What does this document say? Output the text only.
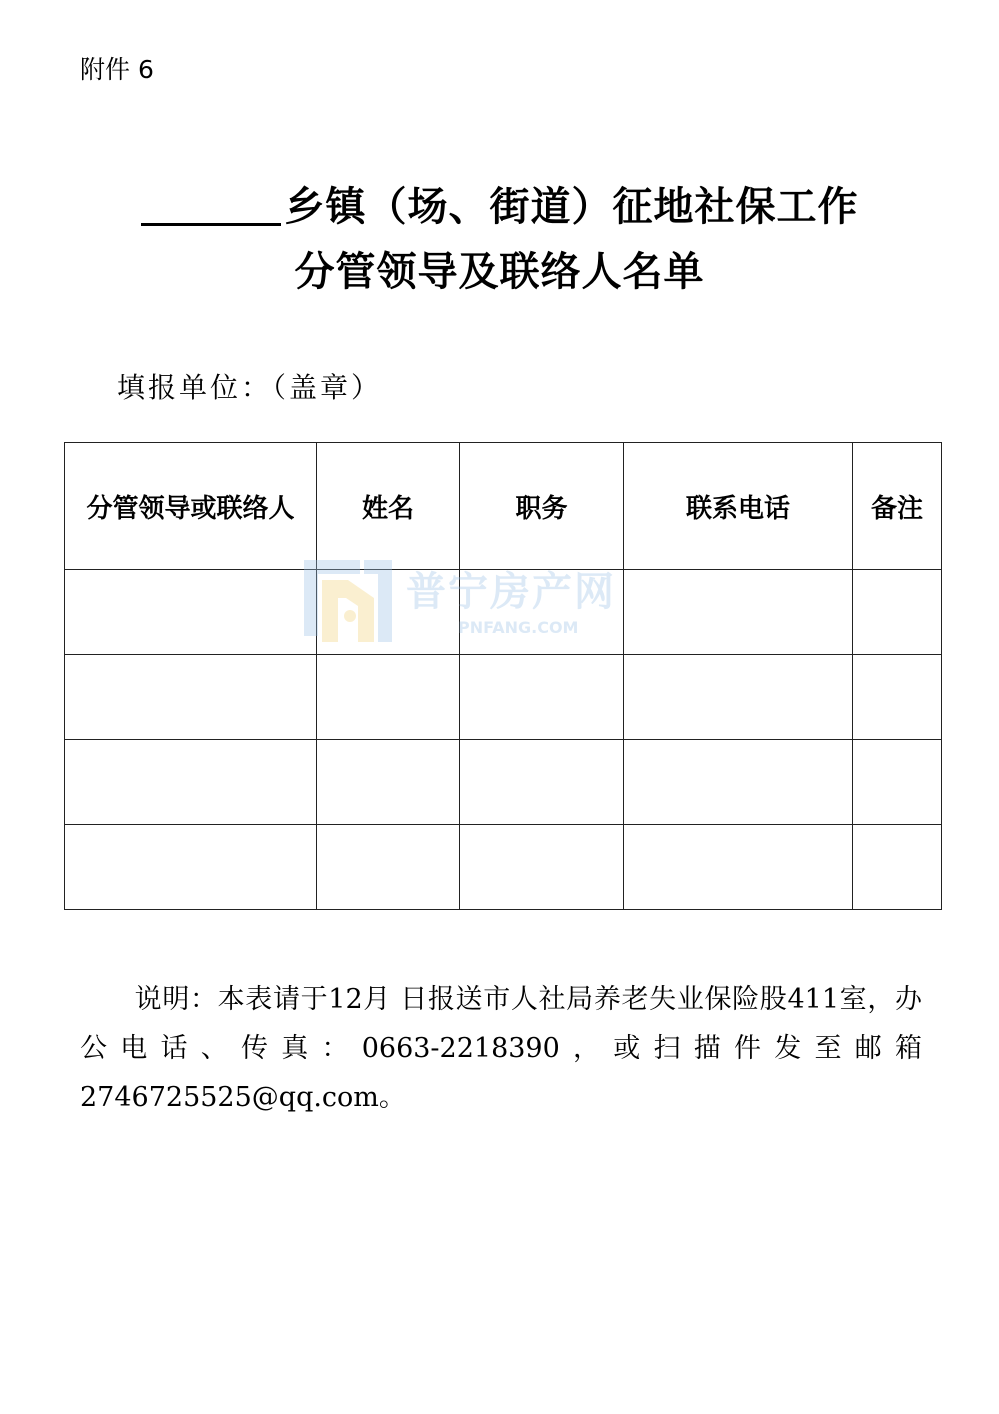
附件 6
乡镇（场、街道）征地社保工作
分管领导及联络人名单
填报单位：（盖章）
分管领导或联络人	姓名	职务	联系电话	备注

普宁房产网
PNFANG.COM
说明：本表请于12月 日报送市人社局养老失业保险股411室，办公电话、传真：0663-2218390，或扫描件发至邮箱2746725525@qq.com。
